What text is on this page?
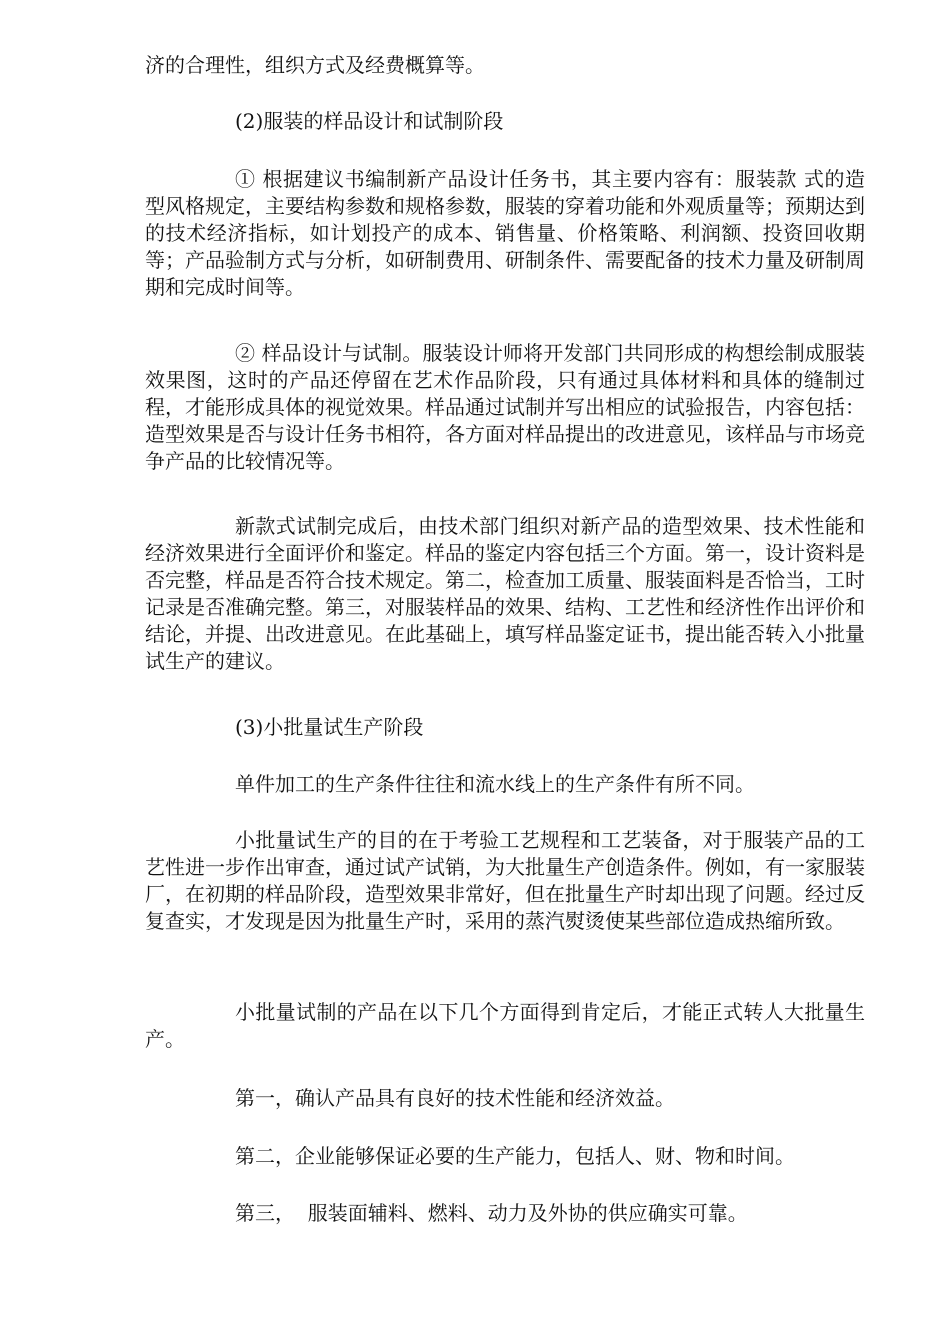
济的合理性，组织方式及经费概算等。

(2)服装的样品设计和试制阶段

① 根据建议书编制新产品设计任务书，其主要内容有：服装款 式的造型风格规定，主要结构参数和规格参数，服装的穿着功能和外观质量等；预期达到的技术经济指标，如计划投产的成本、销售量、价格策略、利润额、投资回收期等；产品验制方式与分析，如研制费用、研制条件、需要配备的技术力量及研制周期和完成时间等。

② 样品设计与试制。服装设计师将开发部门共同形成的构想绘制成服装效果图，这时的产品还停留在艺术作品阶段，只有通过具体材料和具体的缝制过程，才能形成具体的视觉效果。样品通过试制并写出相应的试验报告，内容包括：造型效果是否与设计任务书相符，各方面对样品提出的改进意见，该样品与市场竞争产品的比较情况等。

新款式试制完成后，由技术部门组织对新产品的造型效果、技术性能和经济效果进行全面评价和鉴定。样品的鉴定内容包括三个方面。第一，设计资料是否完整，样品是否符合技术规定。第二，检查加工质量、服装面料是否恰当，工时记录是否准确完整。第三，对服装样品的效果、结构、工艺性和经济性作出评价和结论，并提、出改进意见。在此基础上，填写样品鉴定证书，提出能否转入小批量试生产的建议。

(3)小批量试生产阶段

单件加工的生产条件往往和流水线上的生产条件有所不同。

小批量试生产的目的在于考验工艺规程和工艺装备，对于服装产品的工艺性进一步作出审查，通过试产试销，为大批量生产创造条件。例如，有一家服装厂，在初期的样品阶段，造型效果非常好，但在批量生产时却出现了问题。经过反复查实，才发现是因为批量生产时，采用的蒸汽熨烫使某些部位造成热缩所致。

小批量试制的产品在以下几个方面得到肯定后，才能正式转人大批量生产。

第一，确认产品具有良好的技术性能和经济效益。

第二，企业能够保证必要的生产能力，包括人、财、物和时间。

第三，  服装面辅料、燃料、动力及外协的供应确实可靠。
